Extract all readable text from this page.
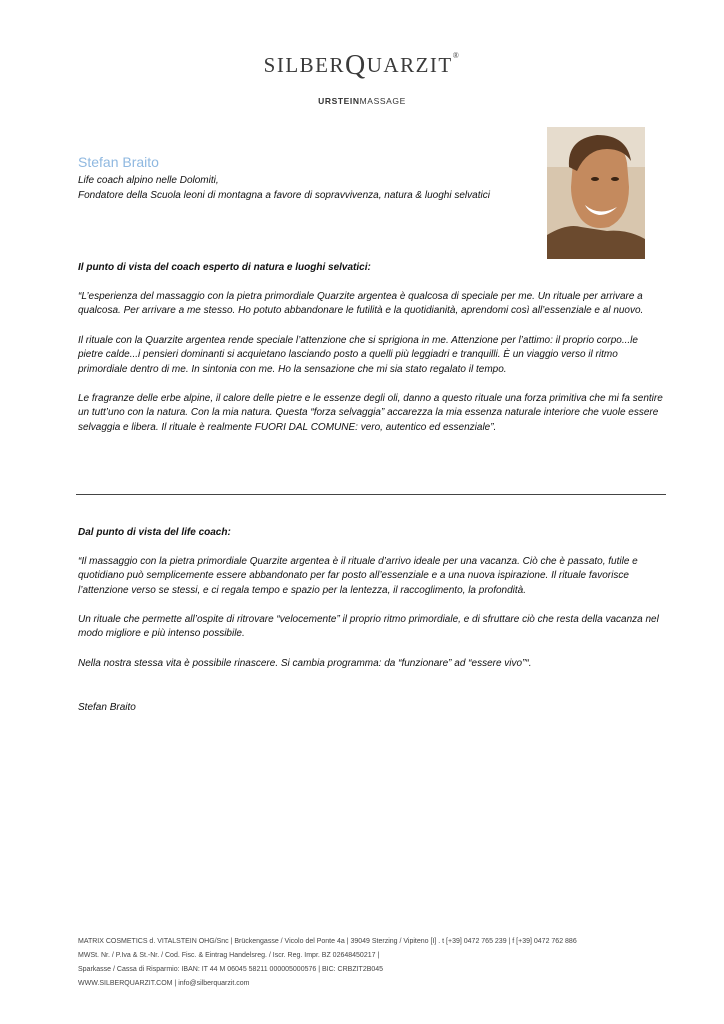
SILBERQUARZIT®
URSTEINMASSAGE
Stefan Braito
Life coach alpino nelle Dolomiti,
Fondatore della Scuola leoni di montagna a favore di sopravvivenza, natura & luoghi selvatici
Il punto di vista del coach esperto di natura e luoghi selvatici:
“L’esperienza del massaggio con la pietra primordiale Quarzite argentea è qualcosa di speciale per me. Un rituale per arrivare a qualcosa. Per arrivare a me stesso. Ho potuto abbandonare le futilità e la quotidianità, aprendomi così all’essenziale e al nuovo.
Il rituale con la Quarzite argentea rende speciale l’attenzione che si sprigiona in me. Attenzione per l’attimo: il proprio corpo...le pietre calde...i pensieri dominanti si acquietano lasciando posto a quelli più leggiadri e tranquilli. È un viaggio verso il ritmo primordiale dentro di me. In sintonia con me. Ho la sensazione che mi sia stato regalato il tempo.
Le fragranze delle erbe alpine, il calore delle pietre e le essenze degli oli, danno a questo rituale una forza primitiva che mi fa sentire un tutt’uno con la natura. Con la mia natura. Questa “forza selvaggia” accarezza la mia essenza naturale interiore che vuole essere selvaggia e libera. Il rituale è realmente FUORI DAL COMUNE: vero, autentico ed essenziale”.
Dal punto di vista del life coach:
“Il massaggio con la pietra primordiale Quarzite argentea è il rituale d’arrivo ideale per una vacanza. Ciò che è passato, futile e quotidiano può semplicemente essere abbandonato per far posto all’essenziale e a una nuova ispirazione. Il rituale favorisce l’attenzione verso se stessi, e ci regala tempo e spazio per la lentezza, il raccoglimento, la profondità.
Un rituale che permette all’ospite di ritrovare “velocemente” il proprio ritmo primordiale, e di sfruttare ciò che resta della vacanza nel modo migliore e più intenso possibile.
Nella nostra stessa vita è possibile rinascere. Si cambia programma: da “funzionare” ad “essere vivo”“.
Stefan Braito
MATRIX COSMETICS d. VITALSTEIN OHG/Snc | Brückengasse / Vicolo del Ponte 4a | 39049 Sterzing / Vipiteno [I] . t [+39] 0472 765 239 | f [+39] 0472 762 886
MWSt. Nr. / P.Iva & St.-Nr. / Cod. Fisc. & Eintrag Handelsreg. / Iscr. Reg. Impr. BZ 02648450217 |
Sparkasse / Cassa di Risparmio: IBAN: IT 44 M 06045 58211 000005000576 | BIC: CRBZIT2B045
WWW.SILBERQUARZIT.COM | info@silberquarzit.com
